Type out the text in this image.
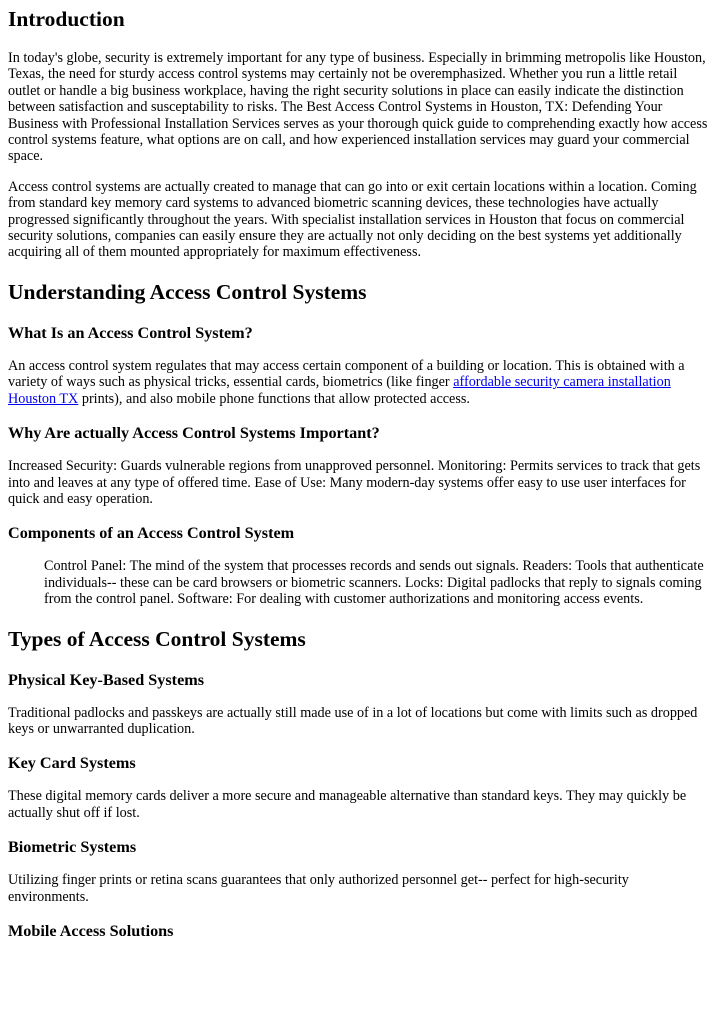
Introduction

In today's globe, security is extremely important for any type of business. Especially in brimming metropolis like Houston, Texas, the need for sturdy access control systems may certainly not be overemphasized. Whether you run a little retail outlet or handle a big business workplace, having the right security solutions in place can easily indicate the distinction between satisfaction and susceptability to risks. The Best Access Control Systems in Houston, TX: Defending Your Business with Professional Installation Services serves as your thorough quick guide to comprehending exactly how access control systems feature, what options are on call, and how experienced installation services may guard your commercial space.

Access control systems are actually created to manage that can go into or exit certain locations within a location. Coming from standard key memory card systems to advanced biometric scanning devices, these technologies have actually progressed significantly throughout the years. With specialist installation services in Houston that focus on commercial security solutions, companies can easily ensure they are actually not only deciding on the best systems yet additionally acquiring all of them mounted appropriately for maximum effectiveness.

Understanding Access Control Systems
What Is an Access Control System?

An access control system regulates that may access certain component of a building or location. This is obtained with a variety of ways such as physical tricks, essential cards, biometrics (like finger affordable security camera installation Houston TX prints), and also mobile phone functions that allow protected access.

Why Are actually Access Control Systems Important?

Increased Security: Guards vulnerable regions from unapproved personnel. Monitoring: Permits services to track that gets into and leaves at any type of offered time. Ease of Use: Many modern-day systems offer easy to use user interfaces for quick and easy operation.

Components of an Access Control System
Control Panel: The mind of the system that processes records and sends out signals. Readers: Tools that authenticate individuals-- these can be card browsers or biometric scanners. Locks: Digital padlocks that reply to signals coming from the control panel. Software: For dealing with customer authorizations and monitoring access events.
Types of Access Control Systems
Physical Key-Based Systems

Traditional padlocks and passkeys are actually still made use of in a lot of locations but come with limits such as dropped keys or unwarranted duplication.

Key Card Systems

These digital memory cards deliver a more secure and manageable alternative than standard keys. They may quickly be actually shut off if lost.

Biometric Systems

Utilizing finger prints or retina scans guarantees that only authorized personnel get-- perfect for high-security environments.

Mobile Access Solutions
